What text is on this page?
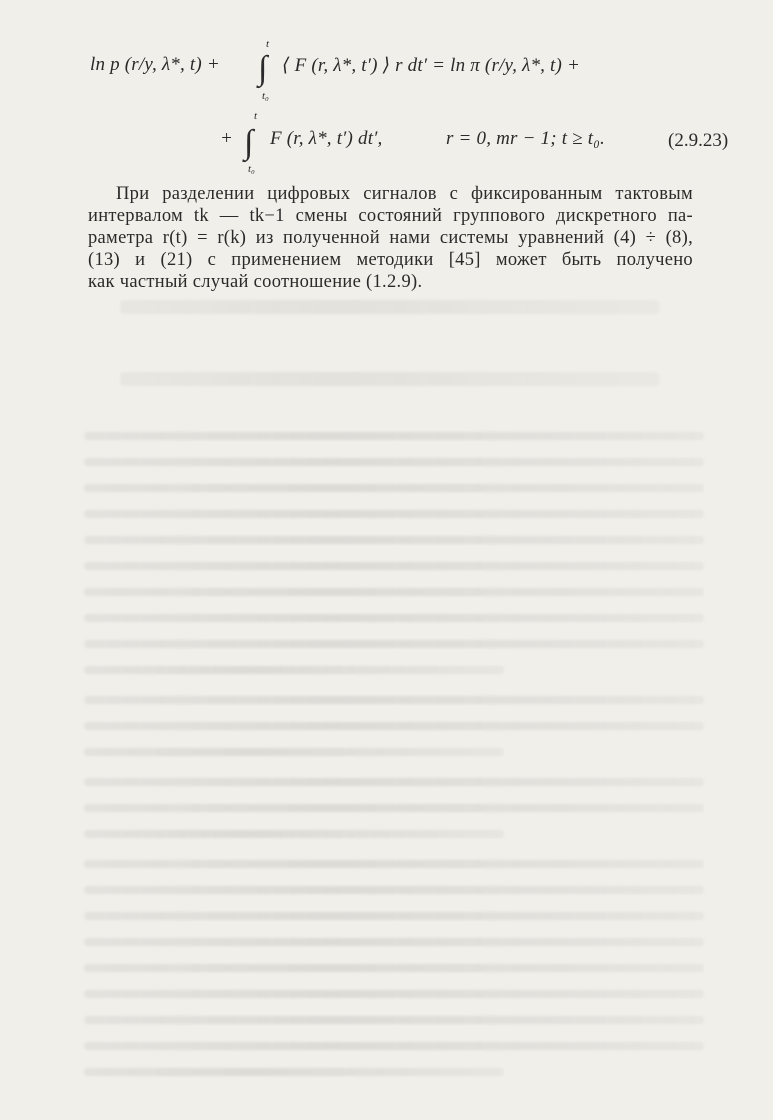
ln p (r/y, λ*, t) + ∫
t
t₀
⟨ F (r, λ*, t′) ⟩ r dt′ = ln π (r/y, λ*, t) +
+ ∫
t
t₀
F (r, λ*, t′) dt′,	r = 0, mr − 1; t ≥ t₀.	(2.9.23)
При разделении цифровых сигналов с фиксированным тактовым
интервалом tk — tk−1 смены состояний группового дискретного па-
раметра r(t) = r(k) из полученной нами системы уравнений (4) ÷ (8),
(13) и (21) с применением методики [45] может быть получено
как частный случай соотношение (1.2.9).
